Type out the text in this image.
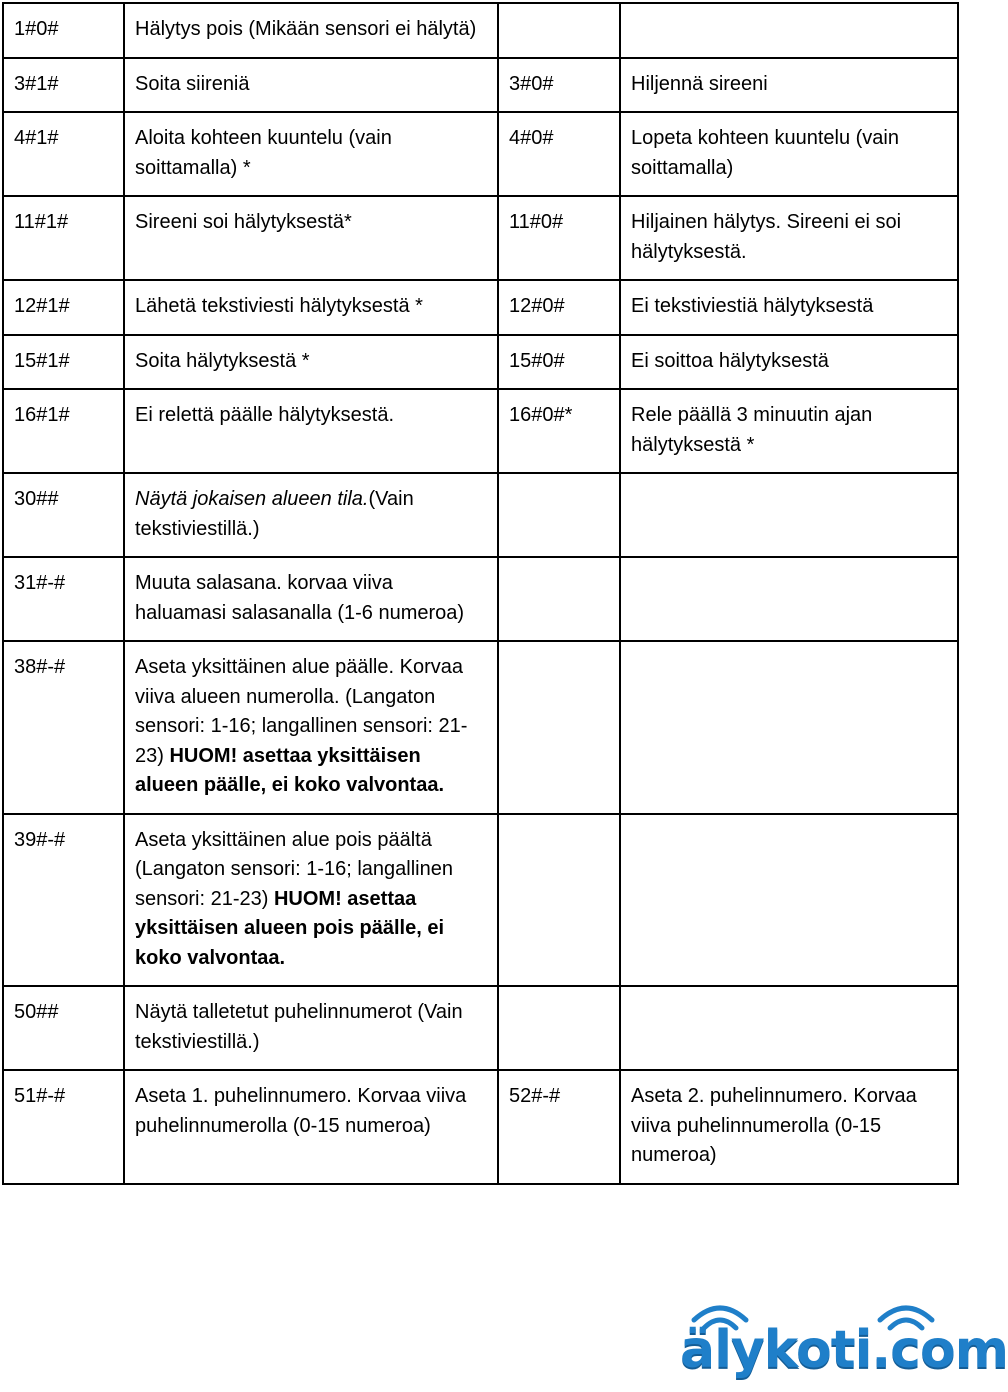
1#0#	Hälytys pois (Mikään sensori ei hälytä)		
3#1#	Soita siireniä	3#0#	Hiljennä sireeni
4#1#	Aloita kohteen kuuntelu (vain soittamalla) *	4#0#	Lopeta kohteen kuuntelu (vain soittamalla)
11#1#	Sireeni soi hälytyksestä*	11#0#	Hiljainen hälytys. Sireeni ei soi hälytyksestä.
12#1#	Lähetä tekstiviesti hälytyksestä *	12#0#	Ei tekstiviestiä hälytyksestä
15#1#	Soita hälytyksestä *	15#0#	Ei soittoa hälytyksestä
16#1#	Ei relettä päälle hälytyksestä.	16#0#*	Rele päällä 3 minuutin ajan hälytyksestä *
30##	Näytä jokaisen alueen tila.(Vain tekstiviestillä.)		
31#-#	Muuta salasana. korvaa viiva haluamasi salasanalla (1-6 numeroa)		
38#-#	Aseta yksittäinen alue päälle. Korvaa viiva alueen numerolla. (Langaton sensori: 1-16; langallinen sensori: 21-23) HUOM! asettaa yksittäisen alueen päälle, ei koko valvontaa.		
39#-#	Aseta yksittäinen alue pois päältä (Langaton sensori: 1-16; langallinen sensori: 21-23) HUOM! asettaa yksittäisen alueen pois päälle, ei koko valvontaa.		
50##	Näytä talletetut puhelinnumerot (Vain tekstiviestillä.)		
51#-#	Aseta 1. puhelinnumero. Korvaa viiva puhelinnumerolla (0-15 numeroa)	52#-#	Aseta 2. puhelinnumero. Korvaa viiva puhelinnumerolla (0-15 numeroa)
älykoti.com
